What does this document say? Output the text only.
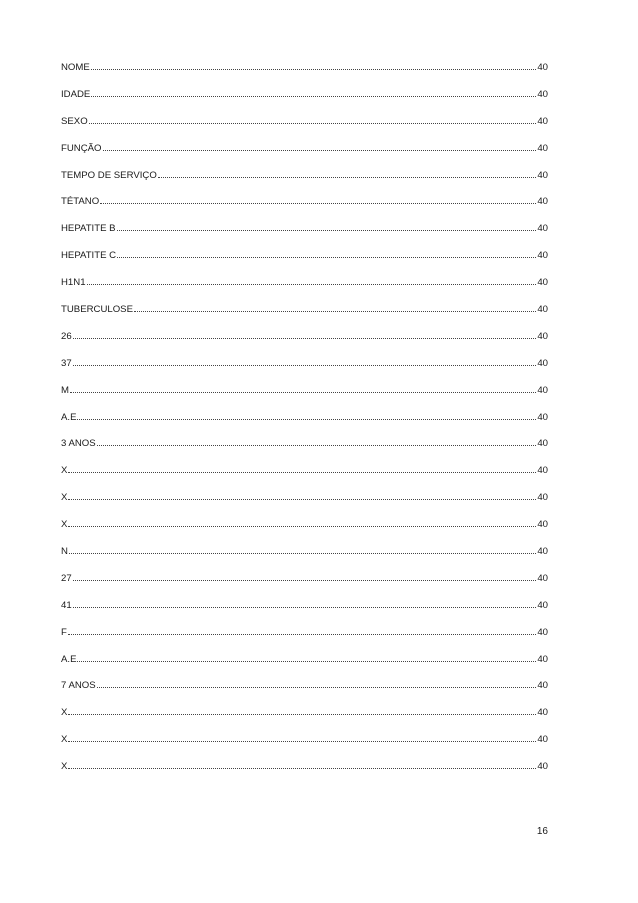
NOME	40
IDADE	40
SEXO	40
FUNÇÃO	40
TEMPO DE SERVIÇO	40
TÉTANO	40
HEPATITE B	40
HEPATITE C	40
H1N1	40
TUBERCULOSE	40
26	40
37	40
M	40
A.E	40
3 ANOS	40
X	40
X	40
X	40
N	40
27	40
41	40
F	40
A.E	40
7 ANOS	40
X	40
X	40
X	40
16
